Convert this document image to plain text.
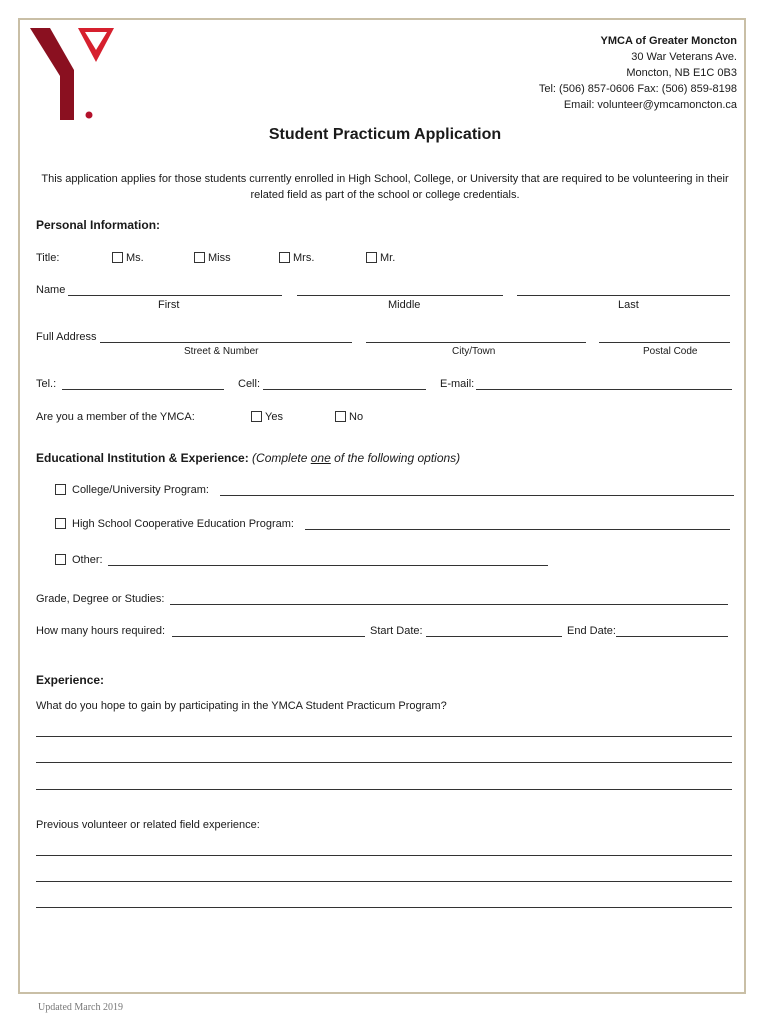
YMCA of Greater Moncton
30 War Veterans Ave.
Moncton, NB E1C 0B3
Tel: (506) 857-0606 Fax: (506) 859-8198
Email: volunteer@ymcamoncton.ca
Student Practicum Application
This application applies for those students currently enrolled in High School, College, or University that are required to be volunteering in their related field as part of the school or college credentials.
Personal Information:
Title:	Ms.	Miss	Mrs.	Mr.
Name
First	Middle	Last
Full Address
Street & Number	City/Town	Postal Code
Tel.:	Cell:	E-mail:
Are you a member of the YMCA:	Yes	No
Educational Institution & Experience: (Complete one of the following options)
College/University Program:
High School Cooperative Education Program:
Other:
Grade, Degree or Studies:
How many hours required:	Start Date:	End Date:
Experience:
What do you hope to gain by participating in the YMCA Student Practicum Program?
Previous volunteer or related field experience:
Updated March 2019
